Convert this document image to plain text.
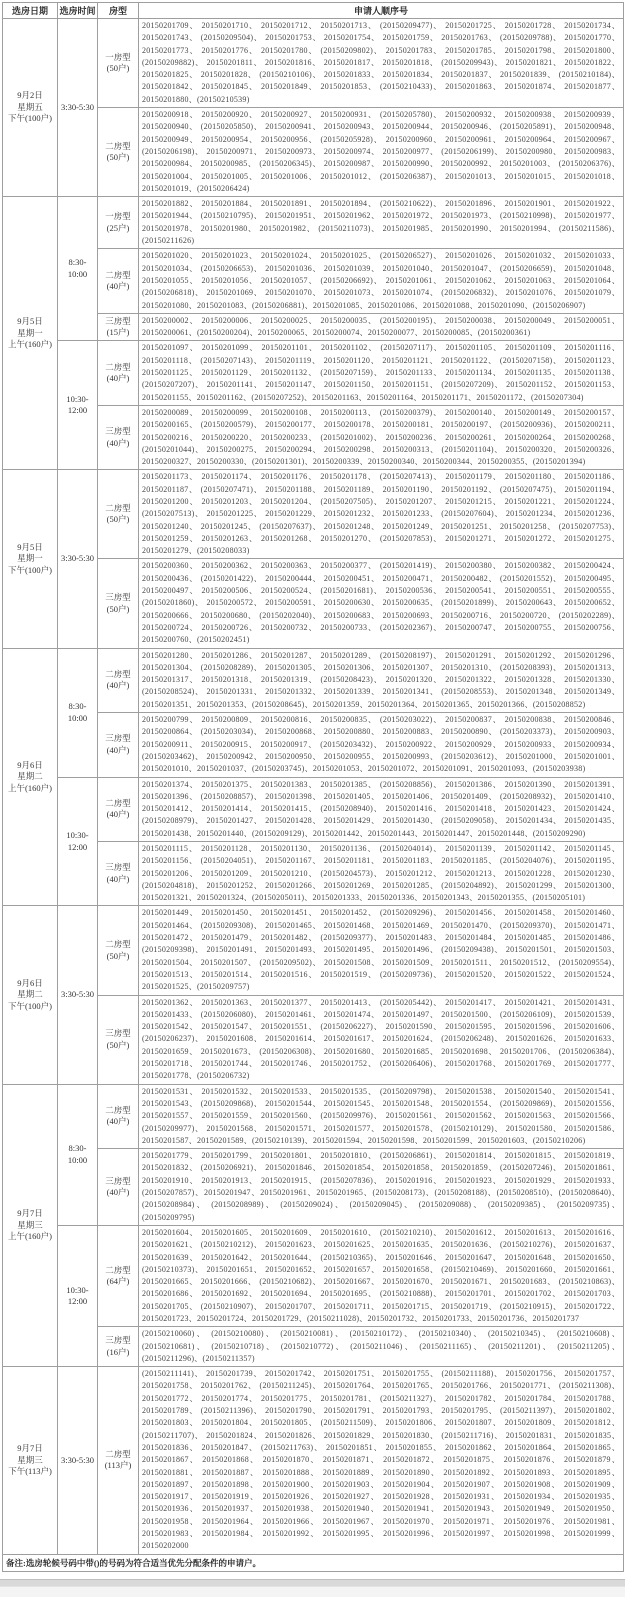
选房日期	选房时间	房型	申请人顺序号

9月2日
星期五
下午(100户)
	3:30-5:30	
一房型
(50户)
	20150201709、 20150201710、 20150201712、 20150201713、 (20150209477)、 20150201725、 20150201728、 20150201734、 20150201743、 (20150209504)、 20150201753、 20150201754、 20150201759、 20150201763、 (20150209788)、 20150201770、 20150201773、 20150201776、 20150201780、 (20150209802)、 20150201783、 20150201785、 20150201798、 20150201800、 (20150209882)、 20150201811、 20150201816、 20150201817、 20150201818、 (20150209943)、 20150201821、 20150201822、 20150201825、 20150201828、 (20150210106)、 20150201833、 20150201834、 20150201837、 20150201839、 (20150210184)、 20150201842、 20150201845、 20150201849、 20150201853、 (20150210433)、 20150201863、 20150201874、 20150201877、 20150201880、(20150210539)

		二房型
(50户)	20150200918、 20150200920、 20150200927、 20150200931、 (20150205780)、 20150200932、 20150200938、 20150200939、 20150200940、 (20150205850)、 20150200941、 20150200943、 20150200944、 20150200946、 (20150205891)、 20150200948、 20150200949、 20150200954、 20150200956、 (20150205928)、 20150200960、 20150200961、 20150200964、 20150200967、 (20150206198)、 20150200971、 20150200973、 20150200974、 20150200977、 (20150206199)、 20150200980、 20150200983、 20150200984、 20150200985、 (20150206345)、 20150200987、 20150200990、 20150200992、 20150201003、 (20150206376)、 20150201004、 20150201005、 20150201006、 20150201012、 (20150206387)、 20150201013、 20150201015、 20150201018、 20150201019、(20150206424)

9月5日
星期一
上午(160户)
	8:30-10:00	
一房型
(25户)
	20150201882、 20150201884、 20150201891、 20150201894、 (20150210622)、 20150201896、 20150201901、 20150201922、 20150201944、 (20150210795)、 20150201951、 20150201962、 20150201972、 20150201973、 (20150210998)、 20150201977、 20150201978、 20150201980、 20150201982、 (20150211073)、 20150201985、 20150201990、 20150201994、 (20150211586)、 (20150211626)

		二房型
(40户)	20150201020、 20150201023、 20150201024、 20150201025、 (20150206527)、 20150201026、 20150201032、 20150201033、 20150201034、 (20150206653)、 20150201036、 20150201039、 20150201040、 20150201047、 (20150206659)、 20150201048、 20150201055、 20150201056、 20150201057、 (20150206692)、 20150201061、 20150201062、 20150201063、 20150201064、 (20150206818)、 20150201069、 20150201070、 20150201073、 20150201074、 (20150206832)、 20150201076、 20150201079、 20150201080、20150201083、(20150206881)、20150201085、20150201086、20150201088、20150201090、(20150206907)

		三房型
(15户)	20150200002、 20150200006、 20150200025、 20150200035、 (20150200195)、 20150200038、 20150200049、 20150200051、 20150200061、(20150200204)、20150200065、20150200074、20150200077、20150200085、(20150200361)
	10:30-12:00	二房型
(40户)	20150201097、 20150201099、 20150201101、 20150201102、 (20150207117)、 20150201105、 20150201109、 20150201116、 20150201118、 (20150207143)、 20150201119、 20150201120、 20150201121、 20150201122、 (20150207158)、 20150201123、 20150201125、 20150201129、 20150201132、 (20150207159)、 20150201133、 20150201134、 20150201135、 20150201138、 (20150207207)、 20150201141、 20150201147、 20150201150、 20150201151、 (20150207209)、 20150201152、 20150201153、 20150201155、20150201162、(20150207252)、20150201163、20150201164、20150201171、20150201172、(20150207304)

		三房型
(40户)	20150200089、 20150200099、 20150200108、 20150200113、 (20150200379)、 20150200140、 20150200149、 20150200157、 20150200165、 (20150200579)、 20150200177、 20150200178、 20150200181、 20150200197、 (20150200936)、 20150200211、 20150200216、 20150200220、 20150200233、 (20150201002)、 20150200236、 20150200261、 20150200264、 20150200268、 (20150201044)、 20150200275、 20150200294、 20150200298、 20150200313、 (20150201104)、 20150200320、 20150200326、 20150200327、20150200330、(20150201301)、20150200339、20150200340、20150200344、20150200355、(20150201394)

9月5日
星期一
下午(100户)
	3:30-5:30	
二房型
(50户)
	20150201173、 20150201174、 20150201176、 20150201178、 (20150207413)、 20150201179、 20150201180、 20150201186、 20150201187、 (20150207471)、 20150201188、 20150201189、 20150201190、 20150201192、 (20150207475)、 20150201194、 20150201200、 20150201203、 20150201204、 (20150207505)、 20150201207、 20150201215、 20150201221、 20150201224、 (20150207513)、 20150201225、 20150201229、 20150201232、 20150201233、 (20150207604)、 20150201234、 20150201236、 20150201240、 20150201245、 (20150207637)、 20150201248、 20150201249、 20150201251、 20150201258、 (20150207753)、 20150201259、 20150201263、 20150201268、 20150201270、 (20150207853)、 20150201271、 20150201272、 20150201275、 20150201279、(20150208033)

		三房型
(50户)	20150200360、 20150200362、 20150200363、 20150200377、 (20150201419)、 20150200380、 20150200382、 20150200424、 20150200436、 (20150201422)、 20150200444、 20150200451、 20150200471、 20150200482、 (20150201552)、 20150200495、 20150200497、 20150200506、 20150200524、 (20150201681)、 20150200536、 20150200541、 20150200551、 20150200555、 (20150201860)、 20150200572、 20150200591、 20150200630、 20150200635、 (20150201899)、 20150200643、 20150200652、 20150200666、 20150200680、 (20150202040)、 20150200683、 20150200693、 20150200716、 20150200720、 (20150202289)、 20150200724、 20150200726、 20150200732、 20150200733、 (20150202367)、 20150200747、 20150200755、 20150200756、 20150200760、(20150202451)

9月6日
星期二
上午(160户)
	8:30-10:00	
二房型
(40户)
	20150201280、 20150201286、 20150201287、 20150201289、 (20150208197)、 20150201291、 20150201292、 20150201296、 20150201304、 (20150208289)、 20150201305、 20150201306、 20150201307、 20150201310、 (20150208393)、 20150201313、 20150201317、 20150201318、 20150201319、 (20150208423)、 20150201320、 20150201322、 20150201328、 20150201330、 (20150208524)、 20150201331、 20150201332、 20150201339、 20150201341、 (20150208553)、 20150201348、 20150201349、 20150201351、20150201353、(20150208645)、20150201359、20150201364、20150201365、20150201366、(20150208852)

		三房型
(40户)	20150200799、 20150200809、 20150200816、 20150200835、 (20150203022)、 20150200837、 20150200838、 20150200846、 20150200864、 (20150203034)、 20150200868、 20150200880、 20150200883、 20150200890、 (20150203373)、 20150200903、 20150200911、 20150200915、 20150200917、 (20150203432)、 20150200922、 20150200929、 20150200933、 20150200934、 (20150203462)、 20150200942、 20150200950、 20150200955、 20150200993、 (20150203612)、 20150201000、 20150201001、 20150201010、20150201037、(20150203745)、20150201053、20150201072、20150201091、20150201093、(20150203938)
	10:30-12:00	二房型
(40户)	20150201374、 20150201375、 20150201383、 20150201385、 (20150208856)、 20150201386、 20150201390、 20150201391、 20150201396、 (20150208857)、 20150201398、 20150201405、 20150201406、 20150201409、 (20150208932)、 20150201410、 20150201412、 20150201414、 20150201415、 (20150208940)、 20150201416、 20150201418、 20150201423、 20150201424、 (20150208979)、 20150201427、 20150201428、 20150201429、 20150201430、 (20150209058)、 20150201434、 20150201435、 20150201438、20150201440、(20150209129)、20150201442、20150201443、20150201447、20150201448、(20150209290)

		三房型
(40户)	20150201115、 20150201128、 20150201130、 20150201136、 (20150204014)、 20150201139、 20150201142、 20150201145、 20150201156、 (20150204051)、 20150201167、 20150201181、 20150201183、 20150201185、 (20150204076)、 20150201195、 20150201206、 20150201209、 20150201210、 (20150204573)、 20150201212、 20150201213、 20150201228、 20150201230、 (20150204818)、 20150201252、 20150201266、 20150201269、 20150201285、 (20150204892)、 20150201299、 20150201300、 20150201321、20150201324、(20150205011)、20150201333、20150201336、20150201343、20150201355、(20150205101)

9月6日
星期二
下午(100户)
	3:30-5:30	
二房型
(50户)
	20150201449、 20150201450、 20150201451、 20150201452、 (20150209296)、 20150201456、 20150201458、 20150201460、 20150201464、 (20150209308)、 20150201465、 20150201468、 20150201469、 20150201470、 (20150209370)、 20150201471、 20150201472、 20150201479、 20150201482、 (20150209377)、 20150201483、 20150201484、 20150201485、 20150201486、 (20150209398)、 20150201491、 20150201493、 20150201495、 20150201496、 (20150209438)、 20150201501、 20150201503、 20150201504、 20150201507、 (20150209502)、 20150201508、 20150201509、 20150201511、 20150201512、 (20150209554)、 20150201513、 20150201514、 20150201516、 20150201519、 (20150209736)、 20150201520、 20150201522、 20150201524、 20150201525、(20150209757)

		三房型
(50户)	20150201362、 20150201363、 20150201377、 20150201413、 (20150205442)、 20150201417、 20150201421、 20150201431、 20150201433、 (20150206080)、 20150201461、 20150201474、 20150201497、 20150201500、 (20150206109)、 20150201539、 20150201542、 20150201547、 20150201551、 (20150206227)、 20150201590、 20150201595、 20150201596、 20150201606、 (20150206237)、 20150201608、 20150201614、 20150201617、 20150201624、 (20150206248)、 20150201626、 20150201633、 20150201659、 20150201673、 (20150206308)、 20150201680、 20150201685、 20150201698、 20150201706、 (20150206384)、 20150201718、 20150201744、 20150201746、 20150201752、 (20150206406)、 20150201768、 20150201769、 20150201777、 20150201778、(20150206732)

9月7日
星期三
上午(160户)
	8:30-10:00	
二房型
(40户)
	20150201531、 20150201532、 20150201533、 20150201535、 (20150209798)、 20150201538、 20150201540、 20150201541、 20150201543、 (20150209868)、 20150201544、 20150201545、 20150201548、 20150201554、 (20150209869)、 20150201556、 20150201557、 20150201559、 20150201560、 (20150209976)、 20150201561、 20150201562、 20150201563、 20150201566、 (20150209977)、 20150201568、 20150201571、 20150201577、 20150201578、 (20150210129)、 20150201580、 20150201586、 20150201587、20150201589、(20150210139)、20150201594、20150201598、20150201599、20150201603、(20150210206)

		三房型
(40户)	20150201779、 20150201799、 20150201801、 20150201810、 (20150206861)、 20150201814、 20150201815、 20150201819、 20150201832、 (20150206921)、 20150201846、 20150201854、 20150201858、 20150201859、 (20150207246)、 20150201861、 20150201910、 20150201913、 20150201915、 (20150207836)、 20150201916、 20150201923、 20150201929、 20150201933、 (20150207857)、20150201947、20150201961、20150201965、(20150208173)、(20150208188)、(20150208510)、(20150208640)、 (20150208984)、 (20150208989)、 (20150209024)、 (20150209045)、 (20150209088)、 (20150209385)、 (20150209735)、 (20150209795)
	10:30-12:00	二房型
(64户)	20150201604、 20150201605、 20150201609、 20150201610、 (20150210210)、 20150201612、 20150201613、 20150201616、 20150201621、 (20150210212)、 20150201623、 20150201625、 20150201635、 20150201636、 (20150210276)、 20150201637、 20150201639、 20150201642、 20150201644、 (20150210365)、 20150201646、 20150201647、 20150201648、 20150201650、 (20150210373)、 20150201651、 20150201652、 20150201657、 20150201658、 (20150210469)、 20150201660、 20150201661、 20150201665、 20150201666、 (20150210682)、 20150201667、 20150201670、 20150201671、 20150201683、 (20150210863)、 20150201686、 20150201692、 20150201694、 20150201695、 (20150210888)、 20150201701、 20150201702、 20150201703、 20150201705、 (20150210907)、 20150201707、 20150201711、 20150201715、 20150201719、 (20150210915)、 20150201722、 20150201723、20150201724、20150201729、(20150211028)、20150201732、20150201733、20150201736、20150201737

		三房型
(16户)	(20150210060)、 (20150210080)、 (20150210081)、 (20150210172)、 (20150210340)、 (20150210345)、 (20150210608)、 (20150210681)、 (20150210718)、 (20150210772)、 (20150211046)、 (20150211165)、 (20150211201)、 (20150211205)、 (20150211296)、(20150211357)

9月7日
星期三
下午(113户)
	3:30-5:30	
二房型
(113户)
	(20150211141)、 20150201739、 20150201742、 20150201751、 20150201755、 (20150211188)、 20150201756、 20150201757、 20150201758、 20150201762、 (20150211245)、 20150201764、 20150201765、 20150201766、 20150201771、 (20150211308)、 20150201772、 20150201774、 20150201775、 20150201781、 (20150211327)、 20150201782、 20150201784、 20150201788、 20150201789、 (20150211396)、 20150201790、 20150201791、 20150201793、 20150201795、 (20150211397)、 20150201802、 20150201803、 20150201804、 20150201805、 (20150211509)、 20150201806、 20150201807、 20150201809、 20150201812、 (20150211707)、 20150201824、 20150201826、 20150201829、 20150201830、 (20150211716)、 20150201831、 20150201835、 20150201836、 20150201847、 (20150211763)、 20150201851、 20150201855、 20150201862、 20150201864、 20150201865、 20150201867、 20150201868、 20150201870、 20150201871、 20150201872、 20150201875、 20150201876、 20150201879、 20150201881、 20150201887、 20150201888、 20150201889、 20150201890、 20150201892、 20150201893、 20150201895、 20150201897、 20150201898、 20150201900、 20150201903、 20150201904、 20150201907、 20150201908、 20150201909、 20150201917、 20150201919、 20150201926、 20150201927、 20150201928、 20150201931、 20150201934、 20150201935、 20150201936、 20150201937、 20150201938、 20150201940、 20150201941、 20150201943、 20150201949、 20150201950、 20150201958、 20150201964、 20150201966、 20150201967、 20150201970、 20150201971、 20150201976、 20150201981、 20150201983、 20150201984、 20150201992、 20150201995、 20150201996、 20150201997、 20150201998、 20150201999、 20150202000
备注:选房轮候号码中带()的号码为符合适当优先分配条件的申请户。			
